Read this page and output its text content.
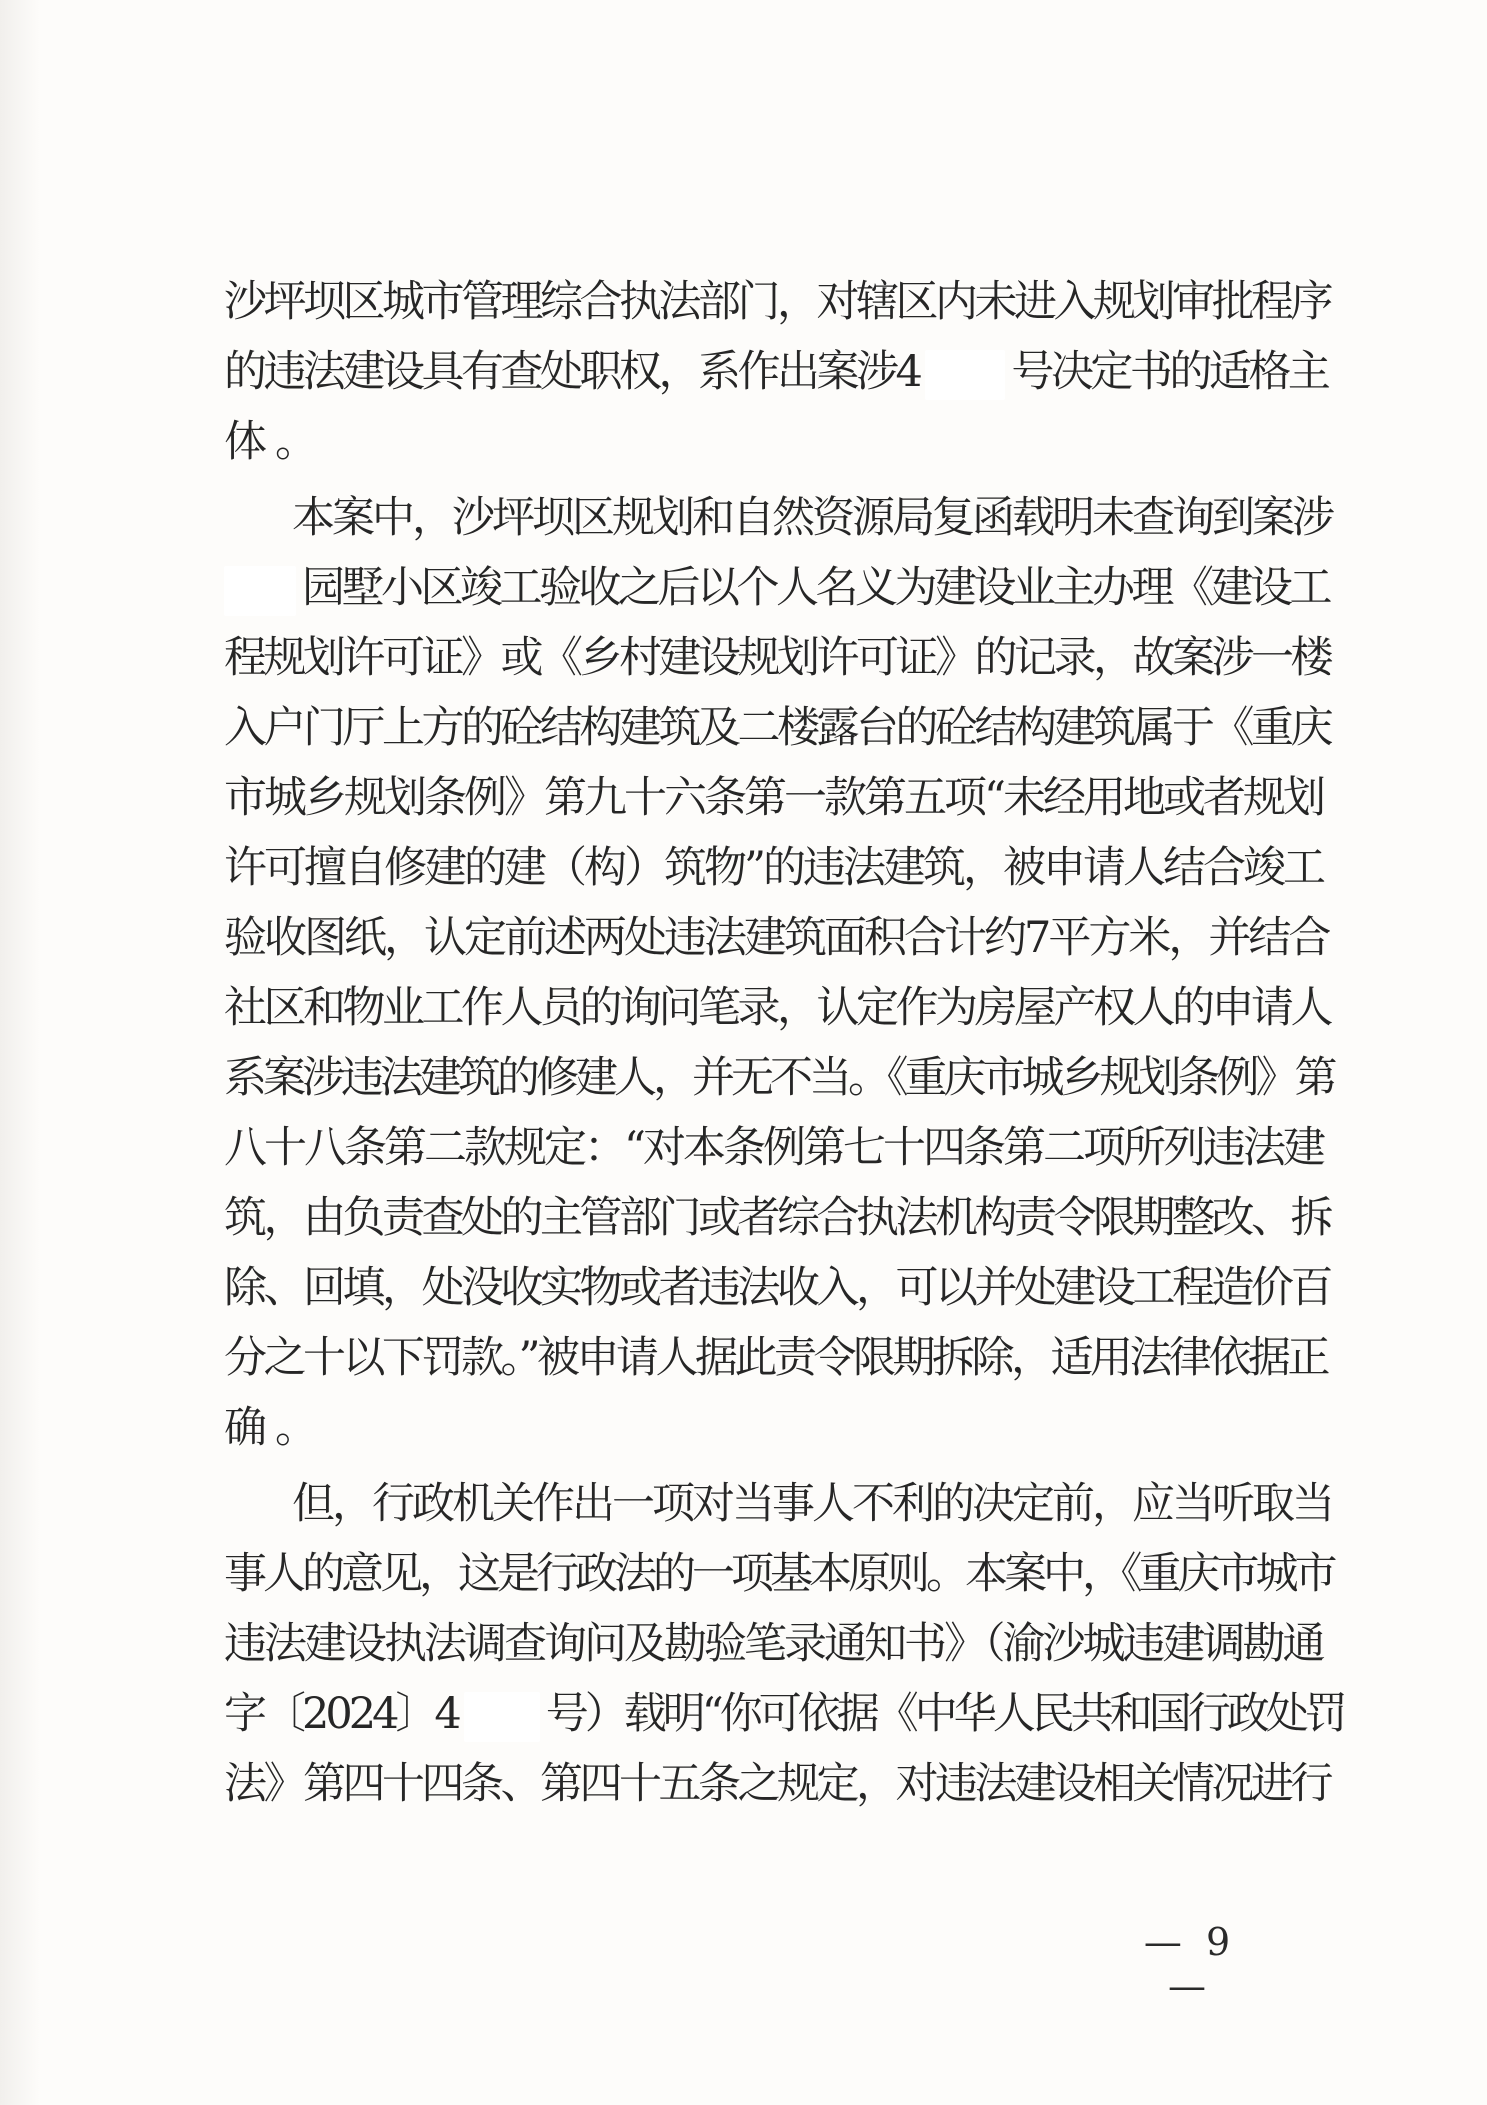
沙坪坝区城市管理综合执法部门，对辖区内未进入规划审批程序
的违法建设具有查处职权，系作出案涉4 号决定书的适格主
体。
本案中，沙坪坝区规划和自然资源局复函载明未查询到案涉
园墅小区竣工验收之后以个人名义为建设业主办理《建设工
程规划许可证》或《乡村建设规划许可证》的记录，故案涉一楼
入户门厅上方的砼结构建筑及二楼露台的砼结构建筑属于《重庆
市城乡规划条例》第九十六条第一款第五项“未经用地或者规划
许可擅自修建的建（构）筑物”的违法建筑，被申请人结合竣工
验收图纸，认定前述两处违法建筑面积合计约7平方米，并结合
社区和物业工作人员的询问笔录，认定作为房屋产权人的申请人
系案涉违法建筑的修建人，并无不当。《重庆市城乡规划条例》第
八十八条第二款规定：“对本条例第七十四条第二项所列违法建
筑，由负责查处的主管部门或者综合执法机构责令限期整改、拆
除、回填，处没收实物或者违法收入，可以并处建设工程造价百
分之十以下罚款。”被申请人据此责令限期拆除，适用法律依据正
确。
但，行政机关作出一项对当事人不利的决定前，应当听取当
事人的意见，这是行政法的一项基本原则。本案中，《重庆市城市
违法建设执法调查询问及勘验笔录通知书》（渝沙城违建调勘通
字〔2024〕4 号）载明“你可依据《中华人民共和国行政处罚
法》第四十四条、第四十五条之规定，对违法建设相关情况进行
— 9 —
